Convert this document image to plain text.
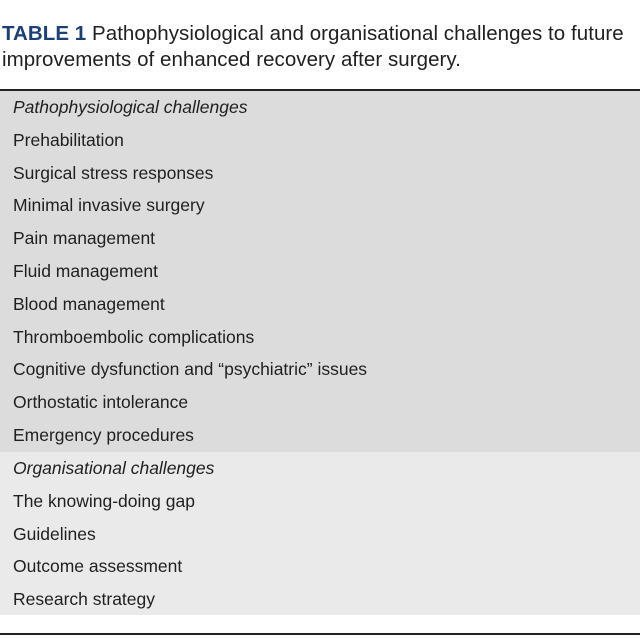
TABLE 1 Pathophysiological and organisational challenges to future improvements of enhanced recovery after surgery.
Pathophysiological challenges
Prehabilitation
Surgical stress responses
Minimal invasive surgery
Pain management
Fluid management
Blood management
Thromboembolic complications
Cognitive dysfunction and “psychiatric” issues
Orthostatic intolerance
Emergency procedures
Organisational challenges
The knowing-doing gap
Guidelines
Outcome assessment
Research strategy
